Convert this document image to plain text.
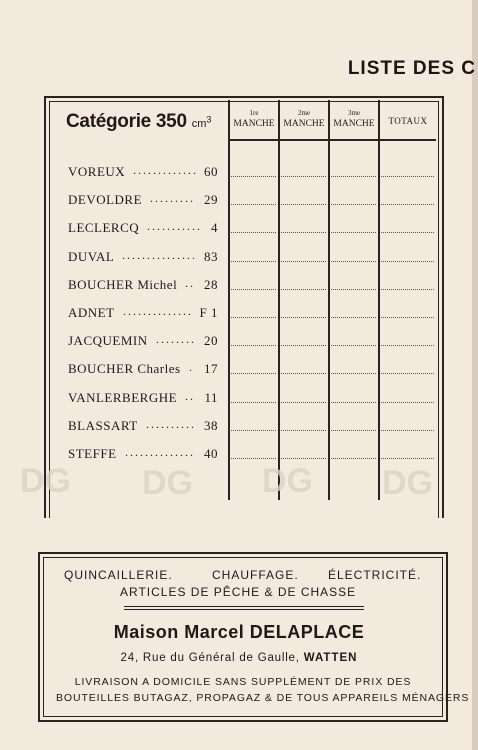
LISTE DES C
Catégorie 350 $cm^3$
1re
MANCHE
2me
MANCHE
3me
MANCHE	TOTAUX
VOREUX ............. 60
DEVOLDRE ......... 29
LECLERCQ ........... 4
DUVAL ............... 83
BOUCHER Michel .. 28
ADNET .............. F 1
JACQUEMIN ........ 20
BOUCHER Charles . 17
VANLERBERGHE .. 11
BLASSART .......... 38
STEFFE .............. 40
DG DG DG DG
QUINCAILLERIE.	CHAUFFAGE. ÉLECTRICITÉ.
ARTICLES DE PÊCHE & DE CHASSE
Maison Marcel DELAPLACE
24, Rue du Général de Gaulle, WATTEN
LIVRAISON A DOMICILE SANS SUPPLÉMENT DE PRIX DES
BOUTEILLES BUTAGAZ, PROPAGAZ & DE TOUS APPAREILS MÉNAGERS
